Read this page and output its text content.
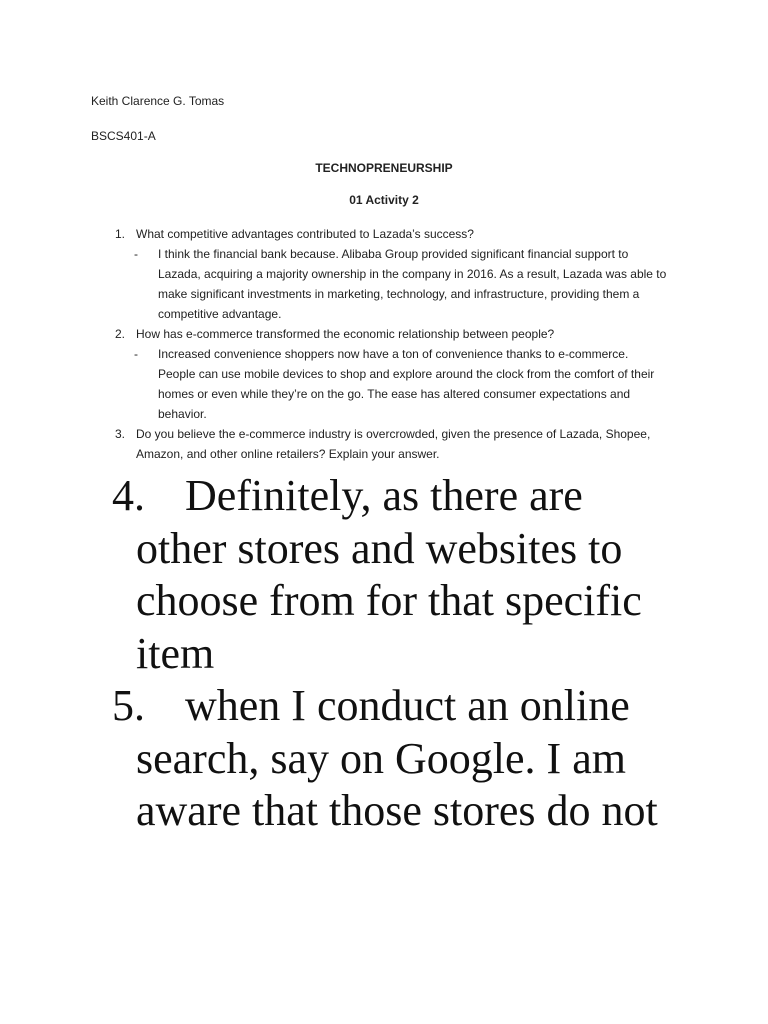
Keith Clarence G. Tomas
BSCS401-A
TECHNOPRENEURSHIP
01 Activity 2
1. What competitive advantages contributed to Lazada’s success?
- I think the financial bank because. Alibaba Group provided significant financial support to Lazada, acquiring a majority ownership in the company in 2016. As a result, Lazada was able to make significant investments in marketing, technology, and infrastructure, providing them a competitive advantage.
2. How has e-commerce transformed the economic relationship between people?
- Increased convenience shoppers now have a ton of convenience thanks to e-commerce. People can use mobile devices to shop and explore around the clock from the comfort of their homes or even while they’re on the go. The ease has altered consumer expectations and behavior.
3. Do you believe the e-commerce industry is overcrowded, given the presence of Lazada, Shopee, Amazon, and other online retailers? Explain your answer.
4. Definitely, as there are
other stores and websites to
choose from for that specific
item
5. when I conduct an online
search, say on Google. I am
aware that those stores do not
